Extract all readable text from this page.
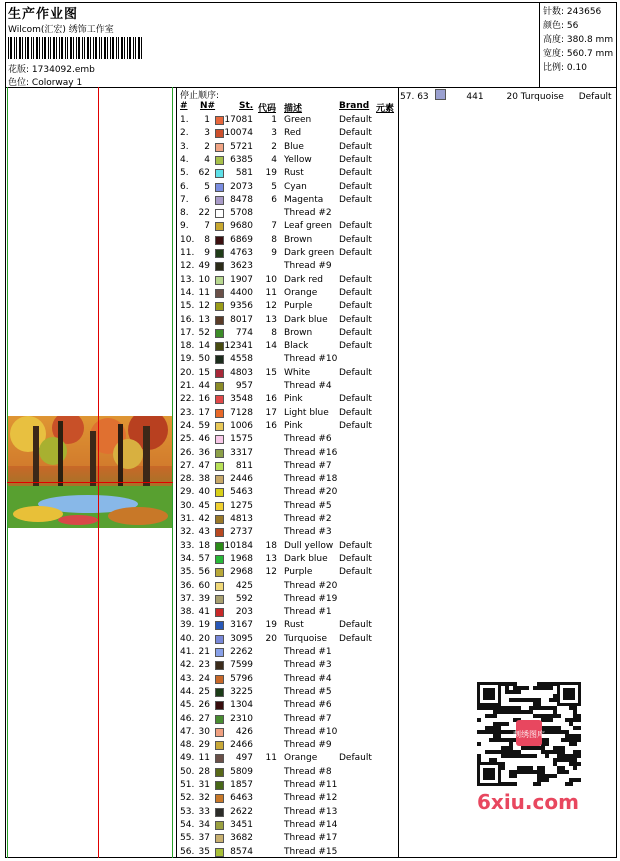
生产作业图
Wilcom(汇宏) 绣饰工作室
花版: 1734092.emb
色位: Colorway 1
针数: 243656
颜色: 56
高度: 380.8 mm
宽度: 560.7 mm
比例: 0.10
停止顺序:
# N#	St. 代码 描述	Brand 元素
1.	1	17081	1 Green	Default
2.	3	10074	3 Red	Default
3.	2	5721	2 Blue	Default
4.	4	6385	4 Yellow	Default
5.	62	581	19 Rust	Default
6.	5	2073	5 Cyan	Default
7.	6	8478	6 Magenta Default
8.	22	5708	Thread #2
9.	7	9680	7 Leaf green Default
10.	8	6869	8 Brown	Default
11.	9	4763	9 Dark green Default
12. 49	3623	Thread #9
13. 10	1907	10 Dark red Default
14. 11	4400	11 Orange Default
15. 12	9356	12 Purple	Default
16. 13	8017	13 Dark blue Default
17. 52	774	8 Brown	Default
18. 14	12341	14 Black	Default
19. 50	4558	Thread #10
20. 15	4803	15 White	Default
21. 44	957	Thread #4
22. 16	3548	16 Pink	Default
23. 17	7128	17 Light blue Default
24. 59	1006	16 Pink	Default
25. 46	1575	Thread #6
26. 36	3317	Thread #16
27. 47	811	Thread #7
28. 38	2446	Thread #18
29. 40	5463	Thread #20
30. 45	1275	Thread #5
31. 42	4813	Thread #2
32. 43	2737	Thread #3
33. 18	10184	18 Dull yellow Default
34. 57	1968	13 Dark blue Default
35. 56	2968	12 Purple	Default
36. 60	425	Thread #20
37. 39	592	Thread #19
38. 41	203	Thread #1
39. 19	3167	19 Rust	Default
40. 20	3095	20 Turquoise Default
41. 21	2262	Thread #1
42. 23	7599	Thread #3
43. 24	5796	Thread #4
44. 25	3225	Thread #5
45. 26	1304	Thread #6
46. 27	2310	Thread #7
47. 30	426	Thread #10
48. 29	2466	Thread #9
49. 11	497	11 Orange Default
50. 28	5809	Thread #8
51. 31	1857	Thread #11
52. 32	6463	Thread #12
53. 33	2622	Thread #13
54. 34	3451	Thread #14
55. 37	3682	Thread #17
56. 35	8574	Thread #15
57. 63	441	20 Turquoise Default
刺绣图库
6xiu.com
